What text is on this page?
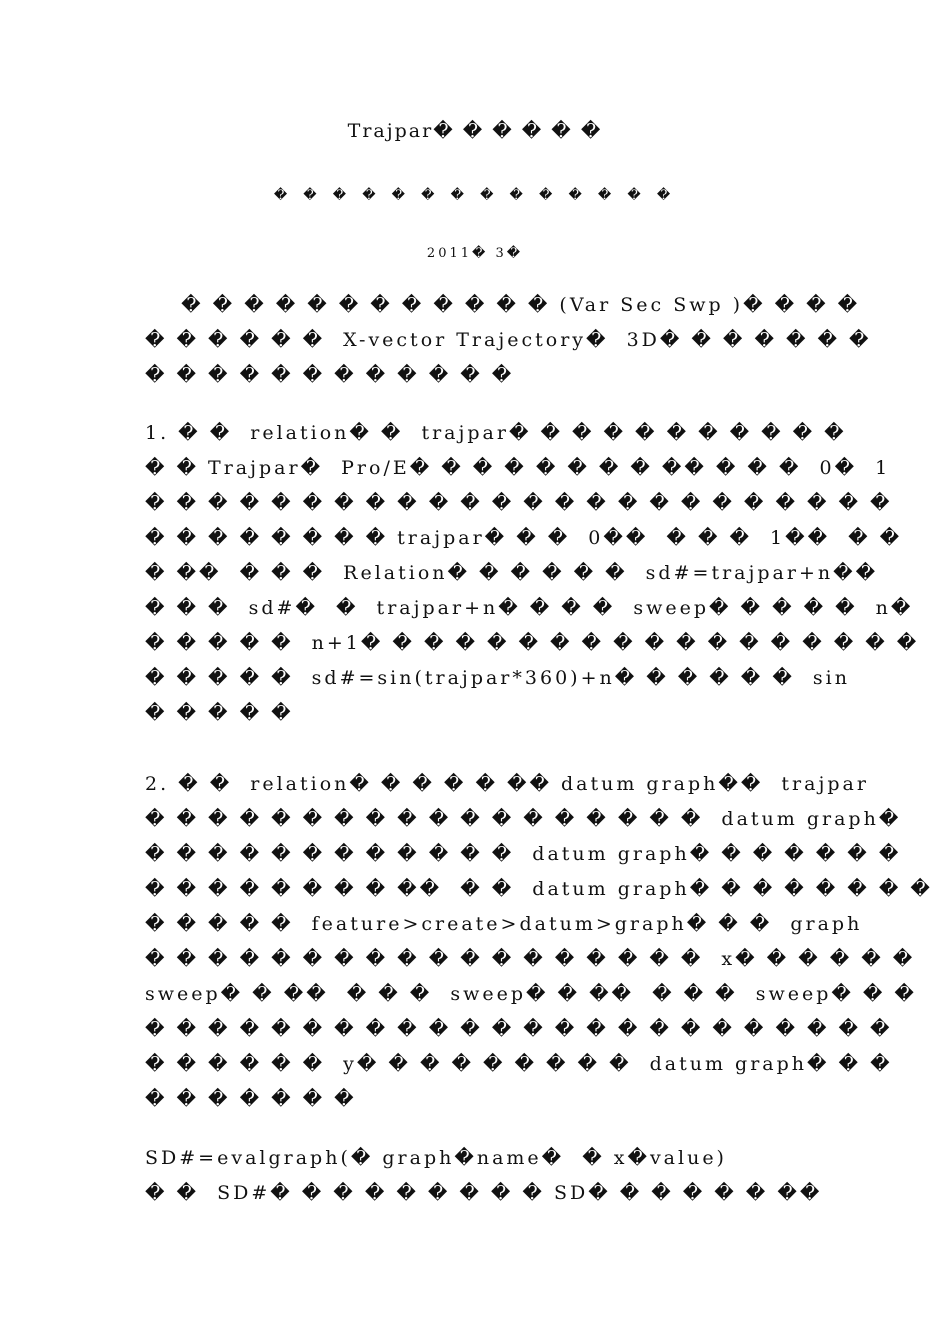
Trajpar� � � � � �
� � � � � � � � � � � � � �
2011� 3�
� � � � � � � � � � � � (Var Sec Swp )� � � �
� � � � � �  X-vector Trajectory�  3D� � � � � � �
� � � � � � � � � � � �
1. � �  relation� �  trajpar� � � � � � � � � � �
� � Trajpar�  Pro/E� � � � � � � � �� � � �  0�  1
� � � � � � � � � � � � � � � � � � � � � � � �
� � � � � � � � trajpar� � �  0��  � � �  1��  � �
� ��  � � �  Relation� � � � � �  sd#=trajpar+n��
� � �  sd#�  �  trajpar+n� � � �  sweep� � � � �  n�
� � � � �  n+1� � � � � � � � � � � � � � � � � �
� � � � �  sd#=sin(trajpar*360)+n� � � � � �  sin
� � � � �
2. � �  relation� � � � � �� datum graph��  trajpar
� � � � � � � � � � � � � � � � � �  datum graph�
� � � � � � � � � � � �  datum graph� � � � � � �
� � � � � � � � ��  � �  datum graph� � � � � � � �
� � � � �  feature>create>datum>graph� � �  graph
� � � � � � � � � � � � � � � � � �  x� � � � � �
sweep� � ��  � � �  sweep� � ��  � � �  sweep� � �
� � � � � � � � � � � � � � � � � � � � � � � �
� � � � � �  y� � � � � � � � �  datum graph� � �
� � � � � � �
SD#=evalgraph(� graph�name�  � x�value)
� �  SD#� � � � � � � � � SD� � � � � � ��
